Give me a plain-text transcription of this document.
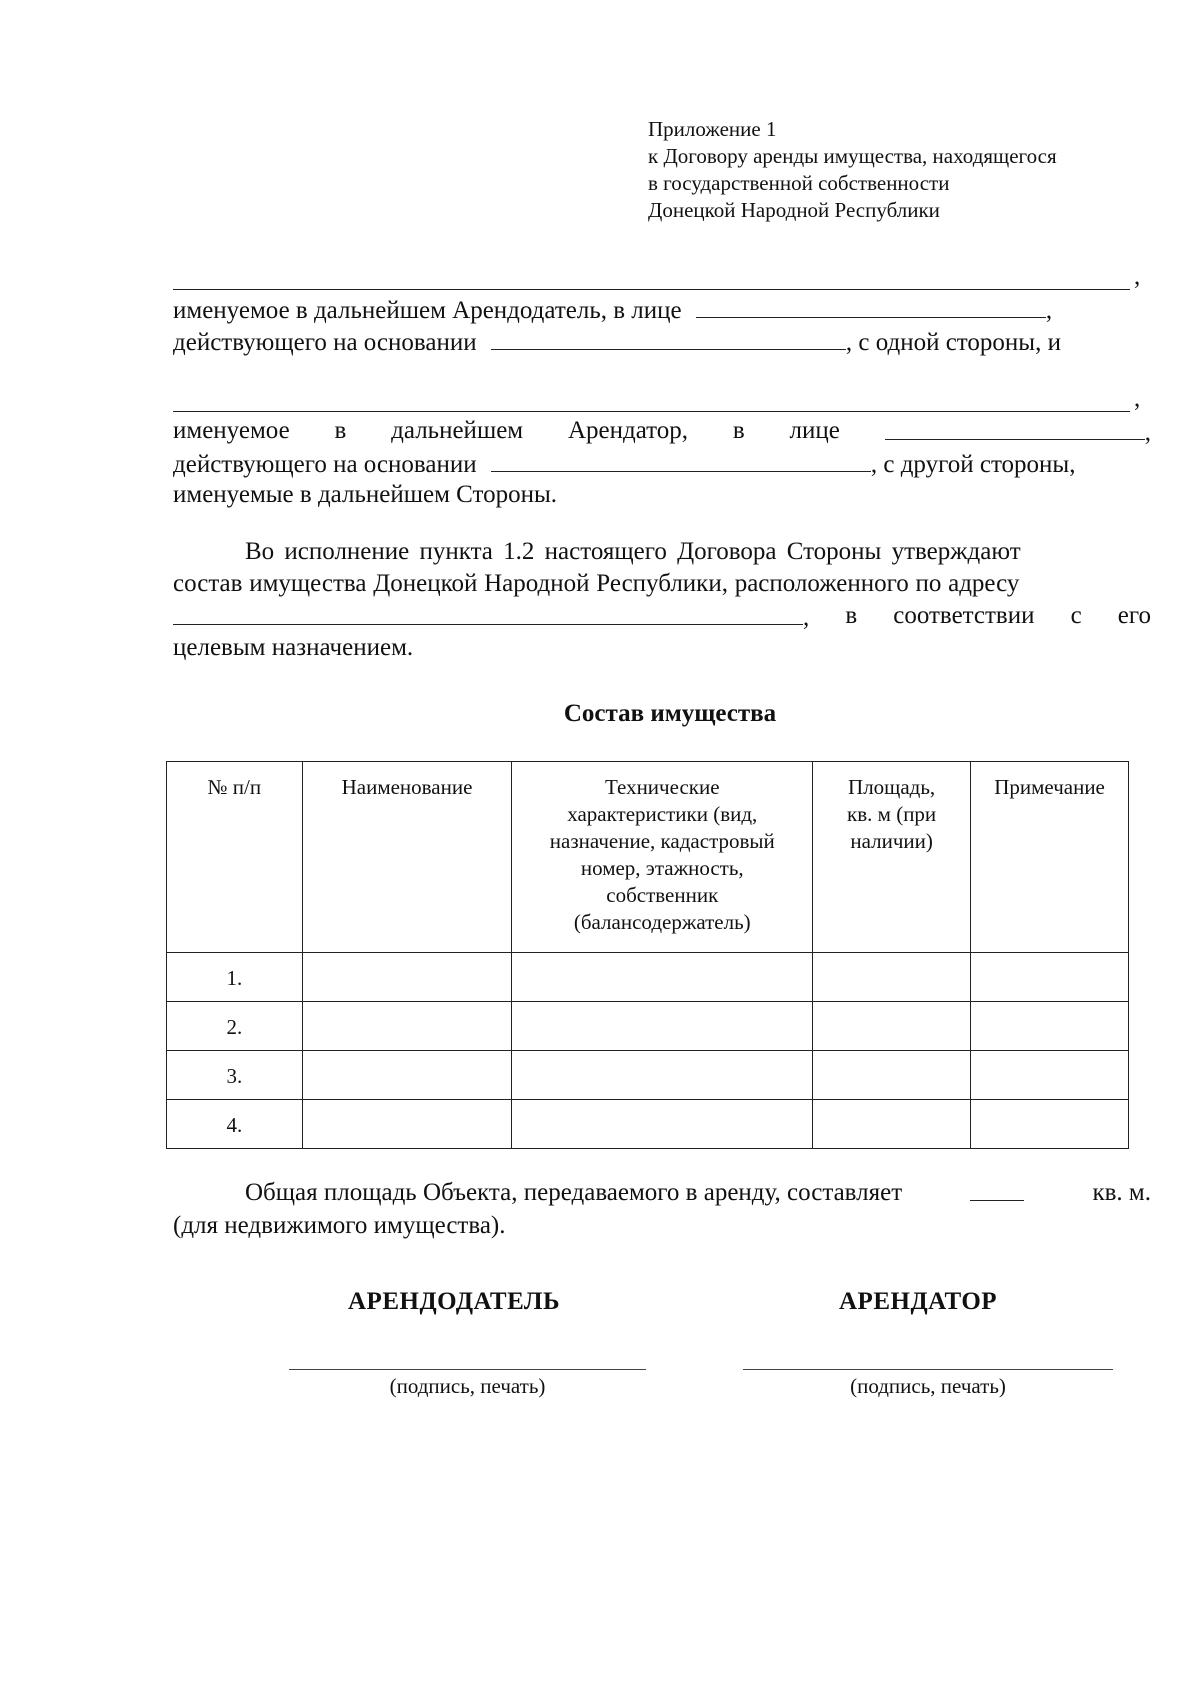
Приложение 1
к Договору аренды имущества, находящегося
в государственной собственности
Донецкой Народной Республики
,
именуемое в дальнейшем Арендодатель, в лице	,
действующего на основании	, с одной стороны, и
,
именуемое в дальнейшем Арендатор, в лице	,
действующего на основании	, с другой стороны,
именуемые в дальнейшем Стороны.
Во исполнение пункта 1.2 настоящего Договора Стороны утверждают
состав имущества Донецкой Народной Республики, расположенного по адресу
, в соответствии с его
целевым назначением.
Состав имущества
№ п/п	Наименование	Технические характеристики (вид, назначение, кадастровый номер, этажность, собственник (балансодержатель)	Площадь, кв. м (при наличии)	Примечание
1.				
2.				
3.				
4.				
Общая площадь Объекта, передаваемого в аренду, составляет	кв. м.
(для недвижимого имущества).
АРЕНДОДАТЕЛЬ	АРЕНДАТОР
(подпись, печать)	(подпись, печать)
